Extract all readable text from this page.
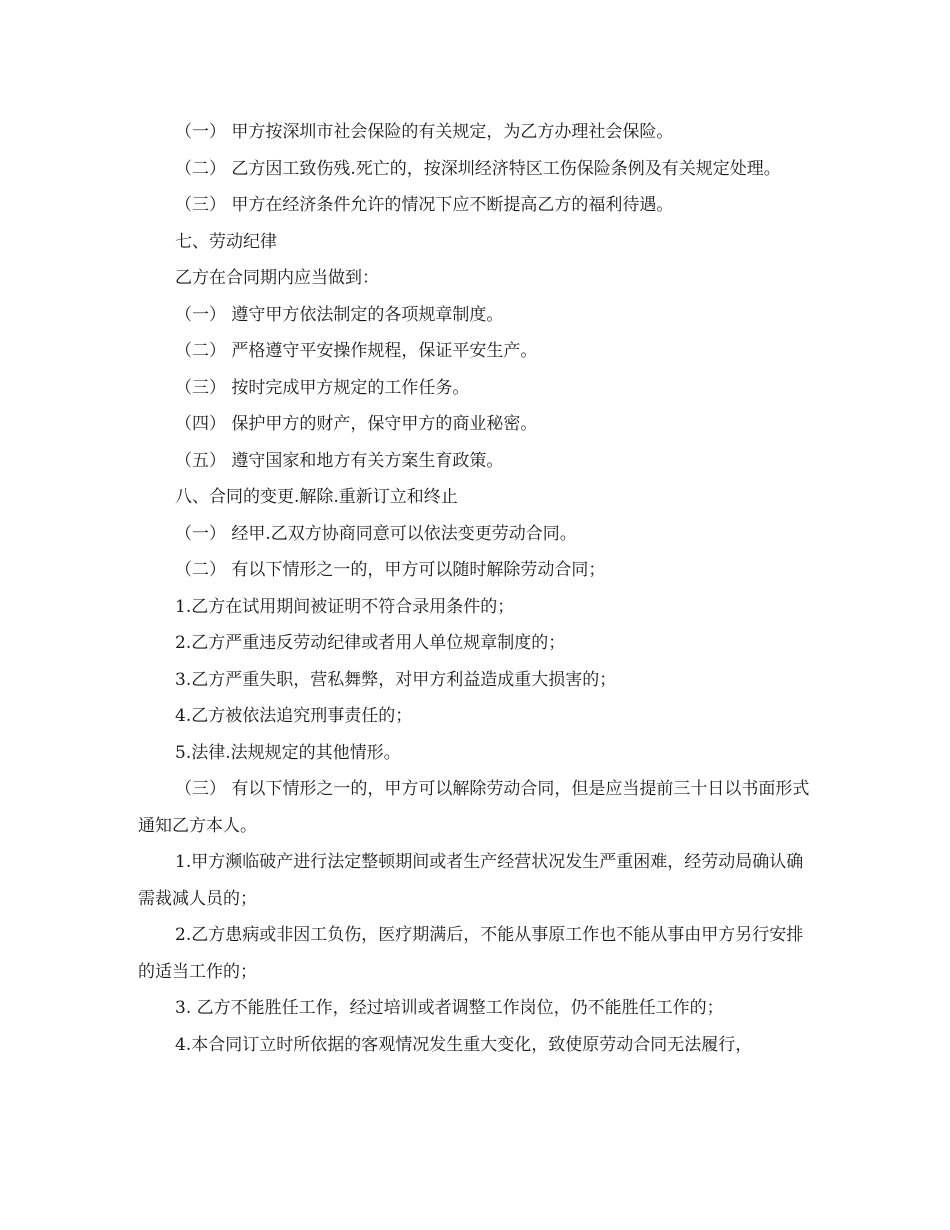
（一） 甲方按深圳市社会保险的有关规定，为乙方办理社会保险。

（二） 乙方因工致伤残.死亡的，按深圳经济特区工伤保险条例及有关规定处理。

（三） 甲方在经济条件允许的情况下应不断提高乙方的福利待遇。

七、劳动纪律

乙方在合同期内应当做到：

（一） 遵守甲方依法制定的各项规章制度。

（二） 严格遵守平安操作规程，保证平安生产。

（三） 按时完成甲方规定的工作任务。

（四） 保护甲方的财产，保守甲方的商业秘密。

（五） 遵守国家和地方有关方案生育政策。

八、合同的变更.解除.重新订立和终止

（一） 经甲.乙双方协商同意可以依法变更劳动合同。

（二） 有以下情形之一的，甲方可以随时解除劳动合同；

1.乙方在试用期间被证明不符合录用条件的；

2.乙方严重违反劳动纪律或者用人单位规章制度的；

3.乙方严重失职，营私舞弊，对甲方利益造成重大损害的；

4.乙方被依法追究刑事责任的；

5.法律.法规规定的其他情形。

（三） 有以下情形之一的，甲方可以解除劳动合同，但是应当提前三十日以书面形式通知乙方本人。

1.甲方濒临破产进行法定整顿期间或者生产经营状况发生严重困难，经劳动局确认确需裁减人员的；

2.乙方患病或非因工负伤，医疗期满后，不能从事原工作也不能从事由甲方另行安排的适当工作的；

3. 乙方不能胜任工作，经过培训或者调整工作岗位，仍不能胜任工作的；

4.本合同订立时所依据的客观情况发生重大变化，致使原劳动合同无法履行，
